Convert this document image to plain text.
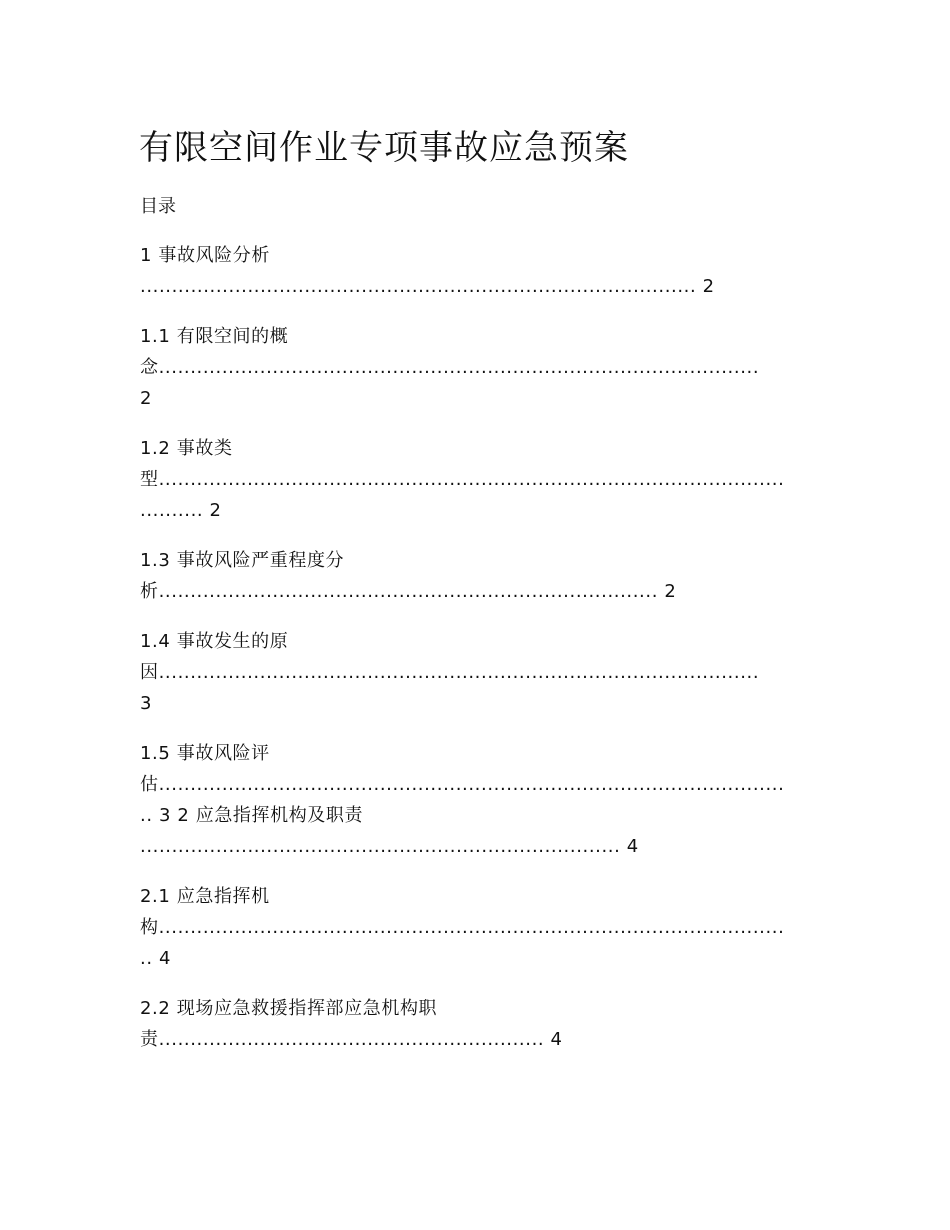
有限空间作业专项事故应急预案
目录
1 事故风险分析
........................................................................................ 2
1.1 有限空间的概
念...............................................................................................
2
1.2 事故类
型...................................................................................................
.......... 2
1.3 事故风险严重程度分
析............................................................................... 2
1.4 事故发生的原
因...............................................................................................
3
1.5 事故风险评
估...................................................................................................
.. 3 2 应急指挥机构及职责
............................................................................ 4
2.1 应急指挥机
构...................................................................................................
.. 4
2.2 现场应急救援指挥部应急机构职
责............................................................. 4
